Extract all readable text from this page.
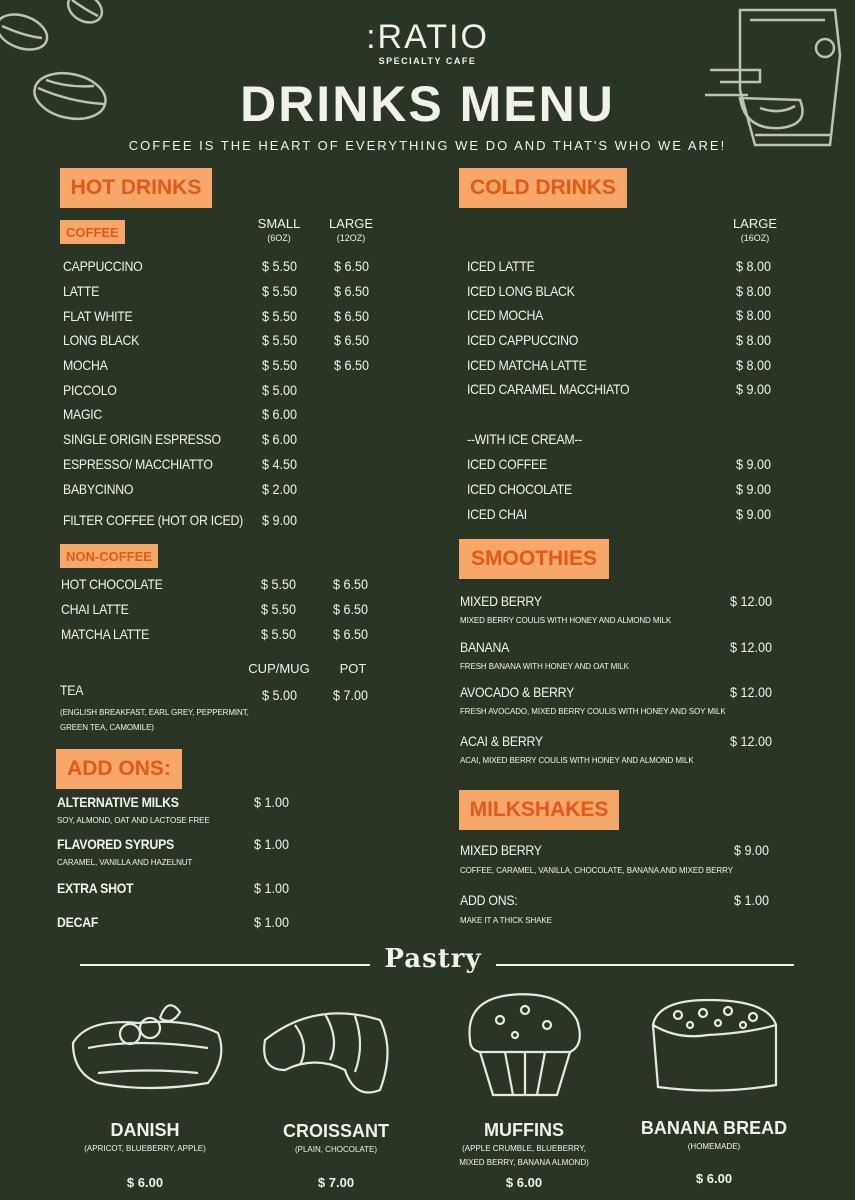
:RATIO
SPECIALTY CAFE
DRINKS MENU
COFFEE IS THE HEART OF EVERYTHING WE DO AND THAT'S WHO WE ARE!
HOT DRINKS
COFFEE
SMALL
(6OZ)
LARGE
(12OZ)
CAPPUCCINO	$ 5.50	$ 6.50
LATTE	$ 5.50	$ 6.50
FLAT WHITE	$ 5.50	$ 6.50
LONG BLACK	$ 5.50	$ 6.50
MOCHA	$ 5.50	$ 6.50
PICCOLO	$ 5.00
MAGIC	$ 6.00
SINGLE ORIGIN ESPRESSO	$ 6.00
ESPRESSO/ MACCHIATTO	$ 4.50
BABYCINNO	$ 2.00
FILTER COFFEE (HOT OR ICED) $ 9.00
NON-COFFEE
HOT CHOCOLATE	$ 5.50	$ 6.50
CHAI LATTE	$ 5.50	$ 6.50
MATCHA LATTE	$ 5.50	$ 6.50
CUP/MUG	POT
TEA
(ENGLISH BREAKFAST, EARL GREY, PEPPERMINT,
GREEN TEA, CAMOMILE)
$ 5.00	$ 7.00
ADD ONS:
ALTERNATIVE MILKS
SOY, ALMOND, OAT AND LACTOSE FREE
$ 1.00
FLAVORED SYRUPS
CARAMEL, VANILLA AND HAZELNUT
$ 1.00
EXTRA SHOT	$ 1.00
DECAF	$ 1.00
COLD DRINKS
LARGE
(16OZ)
ICED LATTE	$ 8.00
ICED LONG BLACK	$ 8.00
ICED MOCHA	$ 8.00
ICED CAPPUCCINO	$ 8.00
ICED MATCHA LATTE	$ 8.00
ICED CARAMEL MACCHIATO	$ 9.00
--WITH ICE CREAM--
ICED COFFEE	$ 9.00
ICED CHOCOLATE	$ 9.00
ICED CHAI	$ 9.00
SMOOTHIES
MIXED BERRY
MIXED BERRY COULIS WITH HONEY AND ALMOND MILK
$ 12.00
BANANA
FRESH BANANA WITH HONEY AND OAT MILK
$ 12.00
AVOCADO & BERRY
FRESH AVOCADO, MIXED BERRY COULIS WITH HONEY AND SOY MILK
$ 12.00
ACAI & BERRY
ACAI, MIXED BERRY COULIS WITH HONEY AND ALMOND MILK
$ 12.00
MILKSHAKES
MIXED BERRY
COFFEE, CARAMEL, VANILLA, CHOCOLATE, BANANA AND MIXED BERRY
$ 9.00
ADD ONS:
MAKE IT A THICK SHAKE
$ 1.00
Pastry
DANISH
(APRICOT, BLUEBERRY, APPLE)
$ 6.00
CROISSANT
(PLAIN, CHOCOLATE)
$ 7.00
MUFFINS
(APPLE CRUMBLE, BLUEBERRY,
MIXED BERRY, BANANA ALMOND)
$ 6.00
BANANA BREAD
(HOMEMADE)
$ 6.00
